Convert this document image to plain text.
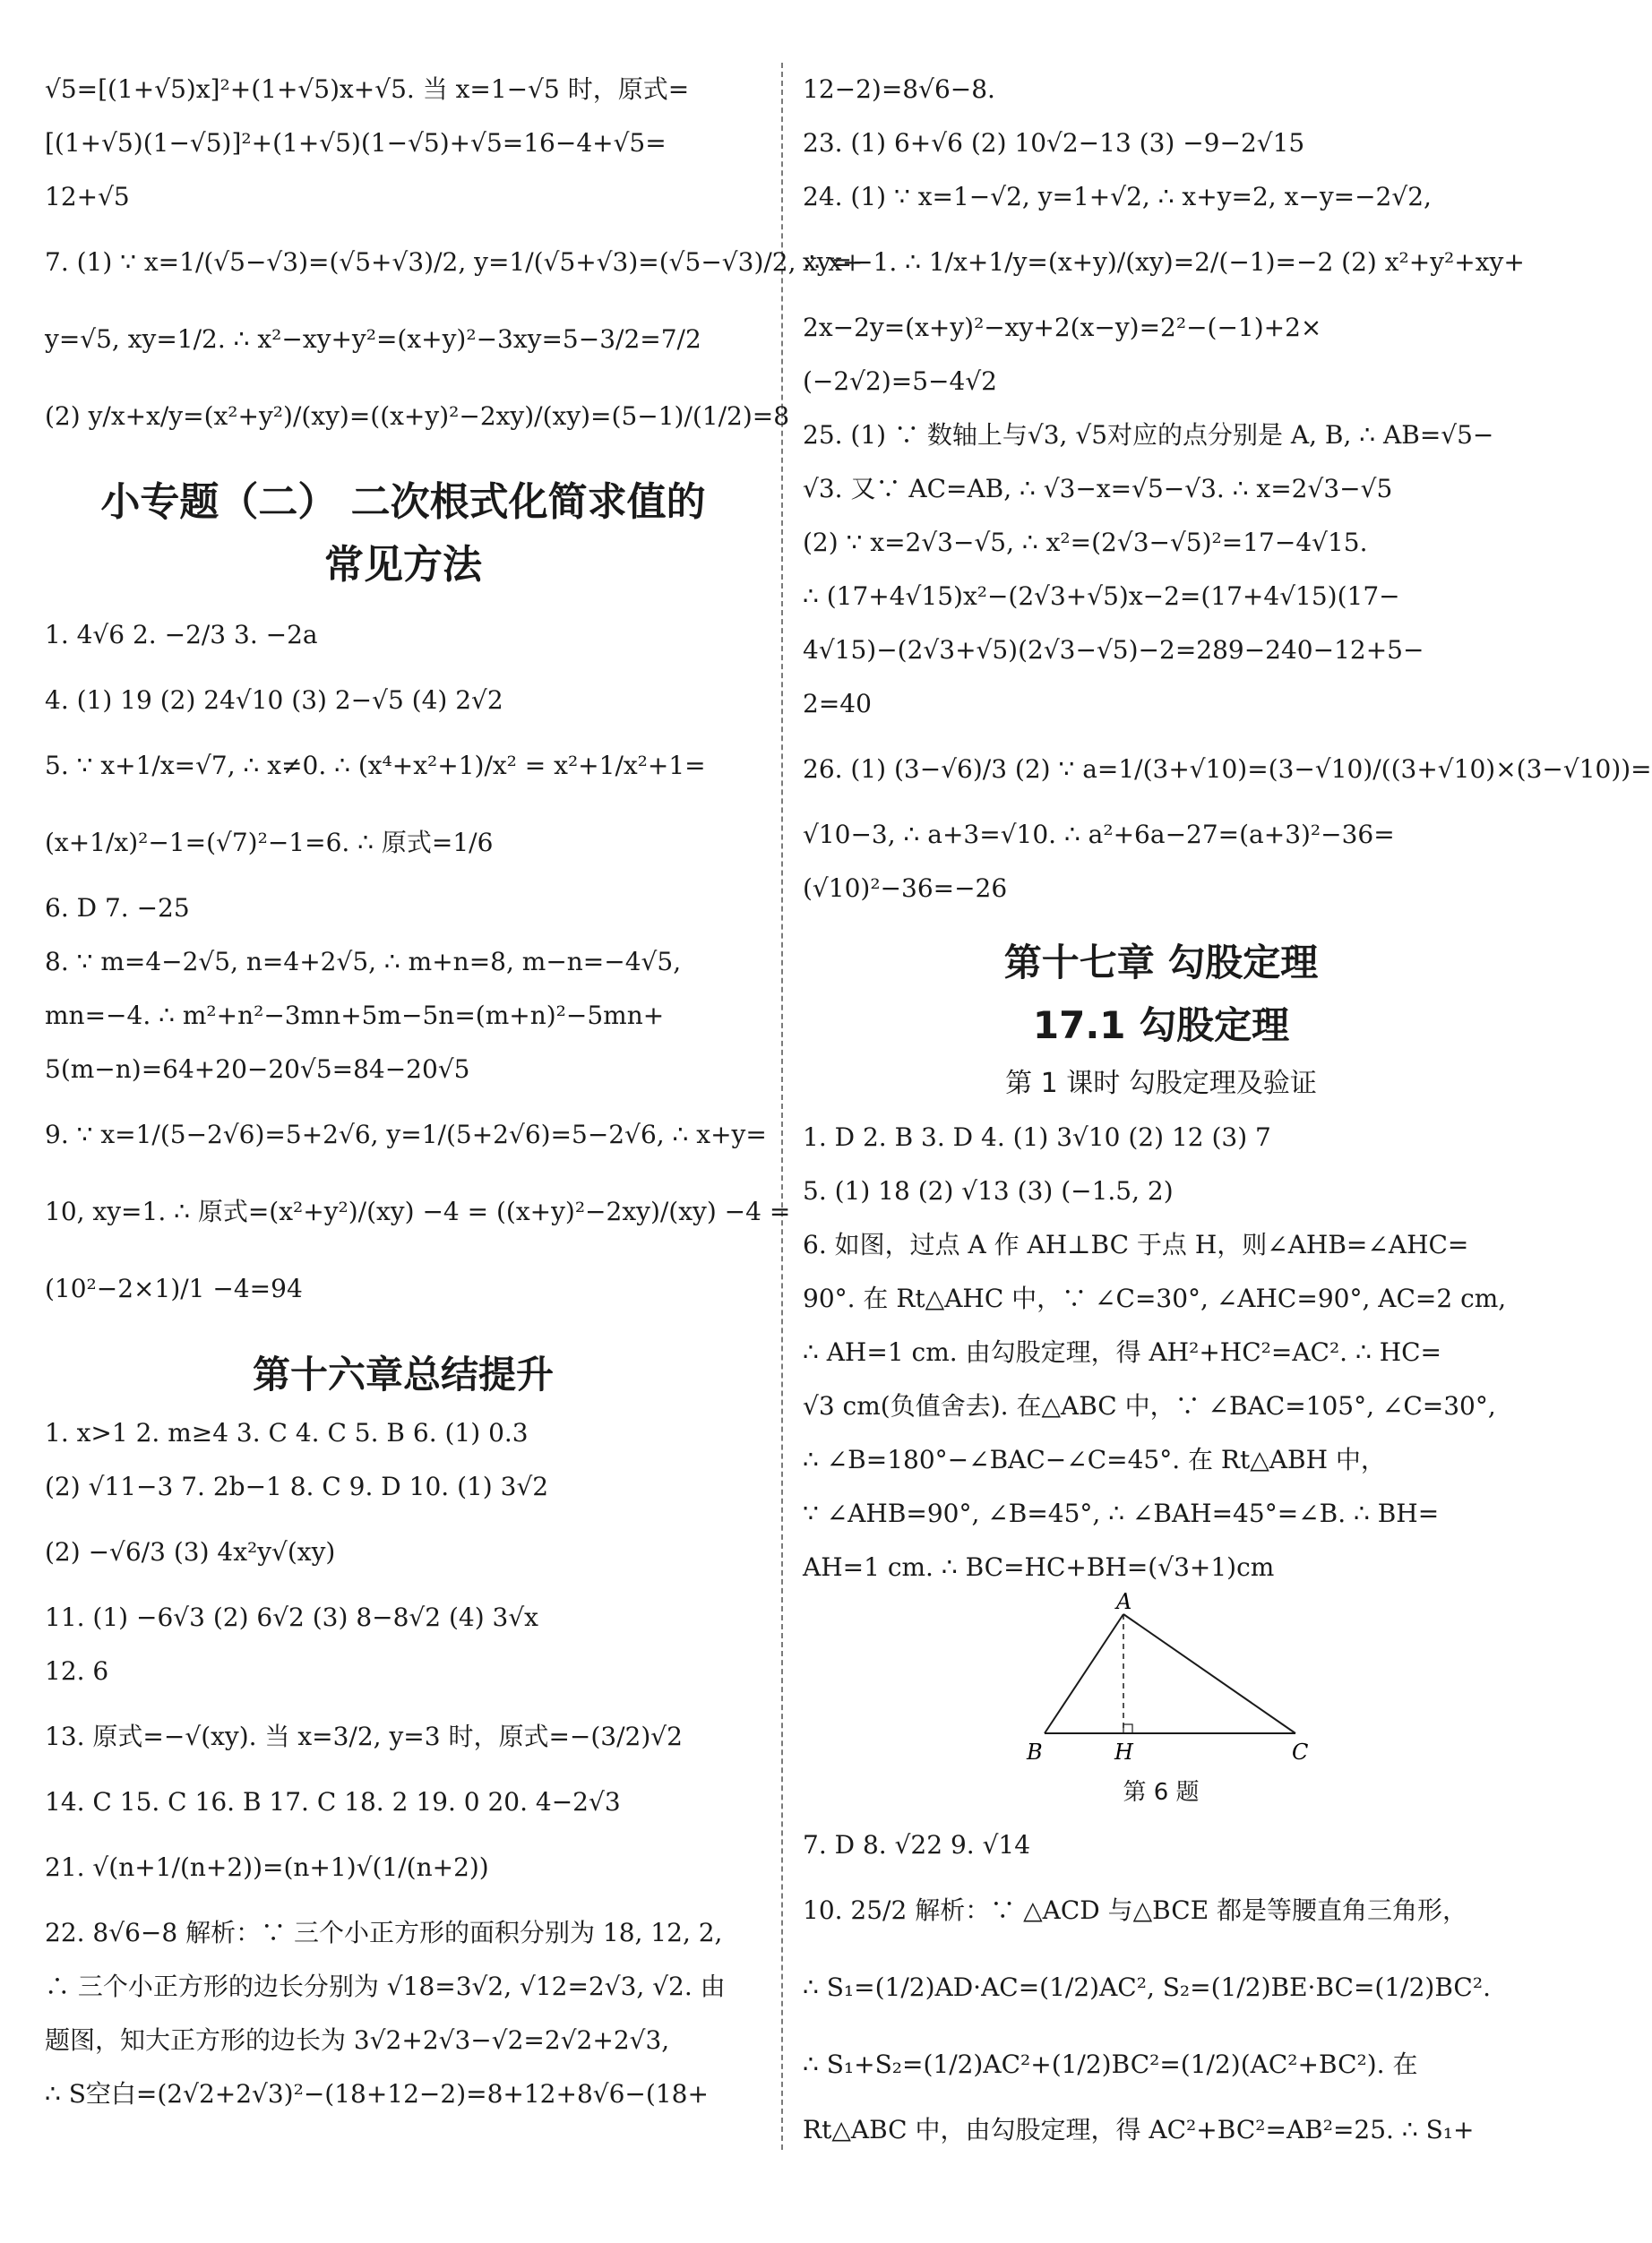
√5=[(1+√5)x]²+(1+√5)x+√5. 当 x=1−√5 时，原式=
[(1+√5)(1−√5)]²+(1+√5)(1−√5)+√5=16−4+√5=
12+√5
7. (1) ∵ x=1/(√5−√3)=(√5+√3)/2, y=1/(√5+√3)=(√5−√3)/2, ∴ x+
y=√5, xy=1/2. ∴ x²−xy+y²=(x+y)²−3xy=5−3/2=7/2
(2) y/x+x/y=(x²+y²)/(xy)=((x+y)²−2xy)/(xy)=(5−1)/(1/2)=8
小专题（二） 二次根式化简求值的
常见方法
1. 4√6 2. −2/3 3. −2a
4. (1) 19 (2) 24√10 (3) 2−√5 (4) 2√2
5. ∵ x+1/x=√7, ∴ x≠0. ∴ (x⁴+x²+1)/x² = x²+1/x²+1=
(x+1/x)²−1=(√7)²−1=6. ∴ 原式=1/6
6. D 7. −25
8. ∵ m=4−2√5, n=4+2√5, ∴ m+n=8, m−n=−4√5,
mn=−4. ∴ m²+n²−3mn+5m−5n=(m+n)²−5mn+
5(m−n)=64+20−20√5=84−20√5
9. ∵ x=1/(5−2√6)=5+2√6, y=1/(5+2√6)=5−2√6, ∴ x+y=
10, xy=1. ∴ 原式=(x²+y²)/(xy) −4 = ((x+y)²−2xy)/(xy) −4 =
(10²−2×1)/1 −4=94
第十六章总结提升
1. x>1 2. m≥4 3. C 4. C 5. B 6. (1) 0.3
(2) √11−3 7. 2b−1 8. C 9. D 10. (1) 3√2
(2) −√6/3 (3) 4x²y√(xy)
11. (1) −6√3 (2) 6√2 (3) 8−8√2 (4) 3√x
12. 6
13. 原式=−√(xy). 当 x=3/2, y=3 时，原式=−(3/2)√2
14. C 15. C 16. B 17. C 18. 2 19. 0 20. 4−2√3
21. √(n+1/(n+2))=(n+1)√(1/(n+2))
22. 8√6−8 解析：∵ 三个小正方形的面积分别为 18, 12, 2,
∴ 三个小正方形的边长分别为 √18=3√2, √12=2√3, √2. 由
题图，知大正方形的边长为 3√2+2√3−√2=2√2+2√3,
∴ S空白=(2√2+2√3)²−(18+12−2)=8+12+8√6−(18+
12−2)=8√6−8.
23. (1) 6+√6 (2) 10√2−13 (3) −9−2√15
24. (1) ∵ x=1−√2, y=1+√2, ∴ x+y=2, x−y=−2√2,
xy=−1. ∴ 1/x+1/y=(x+y)/(xy)=2/(−1)=−2 (2) x²+y²+xy+
2x−2y=(x+y)²−xy+2(x−y)=2²−(−1)+2×
(−2√2)=5−4√2
25. (1) ∵ 数轴上与√3, √5对应的点分别是 A, B, ∴ AB=√5−
√3. 又∵ AC=AB, ∴ √3−x=√5−√3. ∴ x=2√3−√5
(2) ∵ x=2√3−√5, ∴ x²=(2√3−√5)²=17−4√15.
∴ (17+4√15)x²−(2√3+√5)x−2=(17+4√15)(17−
4√15)−(2√3+√5)(2√3−√5)−2=289−240−12+5−
2=40
26. (1) (3−√6)/3 (2) ∵ a=1/(3+√10)=(3−√10)/((3+√10)×(3−√10))=
√10−3, ∴ a+3=√10. ∴ a²+6a−27=(a+3)²−36=
(√10)²−36=−26
第十七章 勾股定理
17.1 勾股定理
第 1 课时 勾股定理及验证
1. D 2. B 3. D 4. (1) 3√10 (2) 12 (3) 7
5. (1) 18 (2) √13 (3) (−1.5, 2)
6. 如图，过点 A 作 AH⊥BC 于点 H，则∠AHB=∠AHC=
90°. 在 Rt△AHC 中，∵ ∠C=30°, ∠AHC=90°, AC=2 cm,
∴ AH=1 cm. 由勾股定理，得 AH²+HC²=AC². ∴ HC=
√3 cm(负值舍去). 在△ABC 中，∵ ∠BAC=105°, ∠C=30°,
∴ ∠B=180°−∠BAC−∠C=45°. 在 Rt△ABH 中，
∵ ∠AHB=90°, ∠B=45°, ∴ ∠BAH=45°=∠B. ∴ BH=
AH=1 cm. ∴ BC=HC+BH=(√3+1)cm
A
B	H	C
第 6 题
7. D 8. √22 9. √14
10. 25/2 解析：∵ △ACD 与△BCE 都是等腰直角三角形，
∴ S₁=(1/2)AD·AC=(1/2)AC², S₂=(1/2)BE·BC=(1/2)BC².
∴ S₁+S₂=(1/2)AC²+(1/2)BC²=(1/2)(AC²+BC²). 在
Rt△ABC 中，由勾股定理，得 AC²+BC²=AB²=25. ∴ S₁+
